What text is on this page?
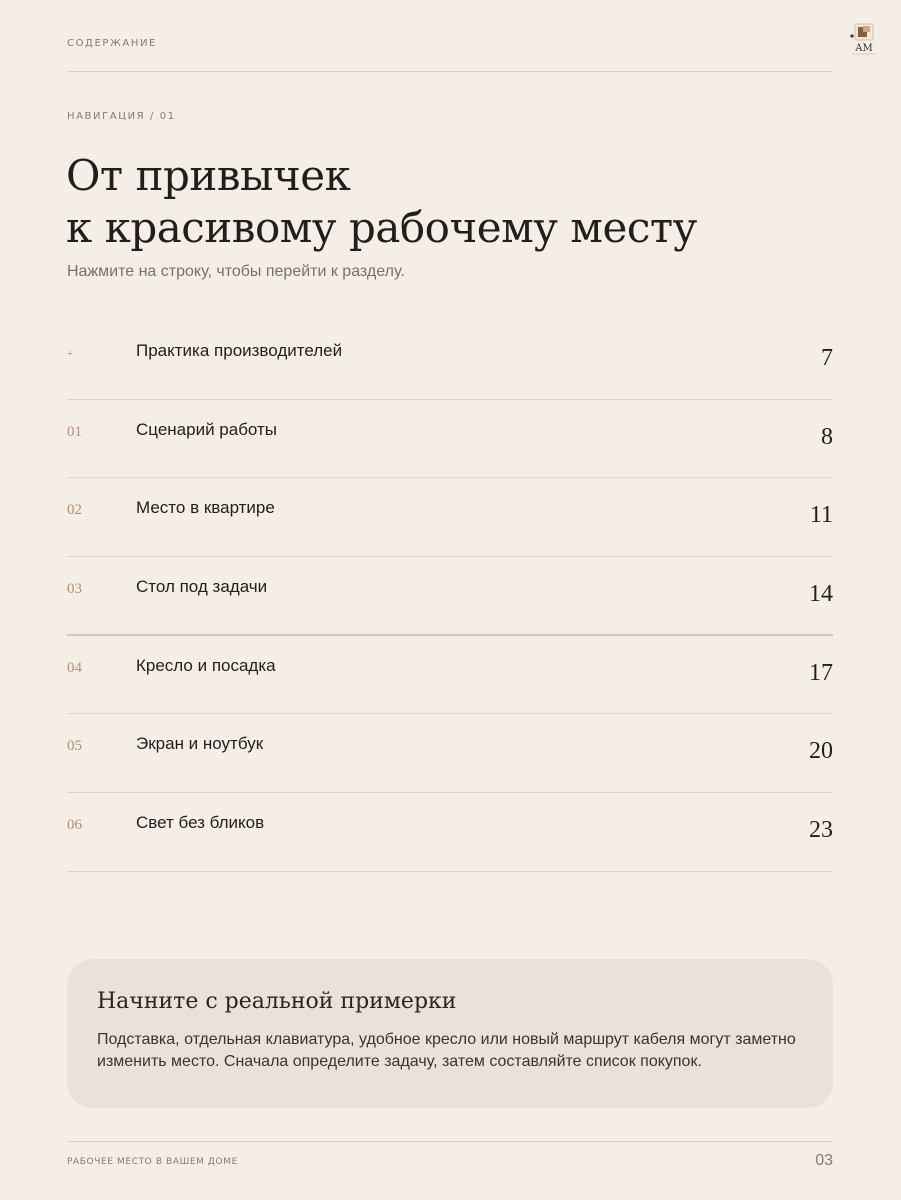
СОДЕРЖАНИЕ	AM
НАВИГАЦИЯ / 01
От привычек
к красивому рабочему месту
Нажмите на строку, чтобы перейти к разделу.
+	Практика производителей	7
01	Сценарий работы	8
02	Место в квартире	11
03	Стол под задачи	14
04	Кресло и посадка	17
05	Экран и ноутбук	20
06	Свет без бликов	23
Начните с реальной примерки
Подставка, отдельная клавиатура, удобное кресло или новый маршрут кабеля могут заметно изменить место. Сначала определите задачу, затем составляйте список покупок.
РАБОЧЕЕ МЕСТО В ВАШЕМ ДОМЕ	03
